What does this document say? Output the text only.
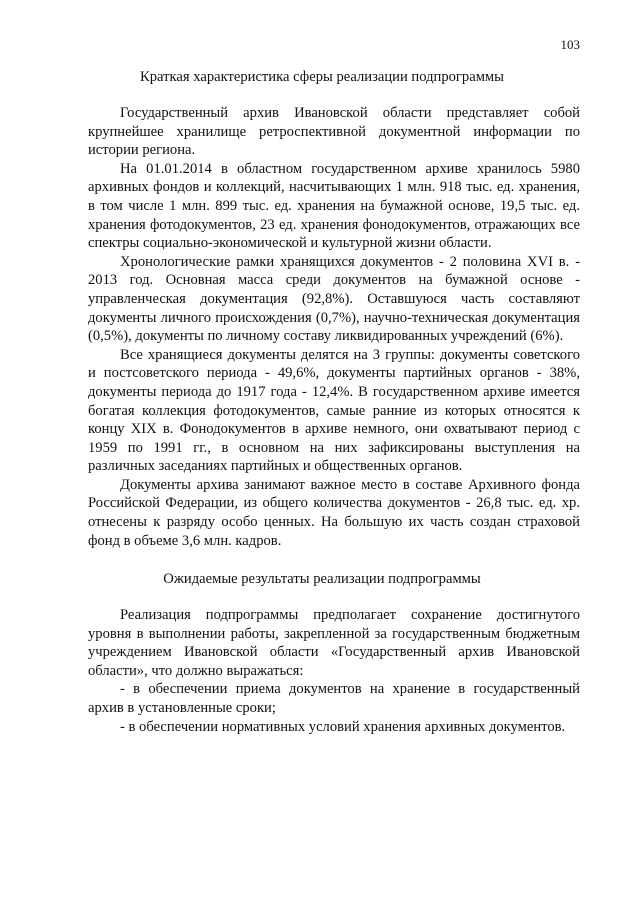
103
Краткая характеристика сферы реализации подпрограммы

Государственный архив Ивановской области представляет собой крупнейшее хранилище ретроспективной документной информации по истории региона.

На 01.01.2014 в областном государственном архиве хранилось 5980 архивных фондов и коллекций, насчитывающих 1 млн. 918 тыс. ед. хранения, в том числе 1 млн. 899 тыс. ед. хранения на бумажной основе, 19,5 тыс. ед. хранения фотодокументов, 23 ед. хранения фонодокументов, отражающих все спектры социально-экономической и культурной жизни области.

Хронологические рамки хранящихся документов - 2 половина XVI в. - 2013 год. Основная масса среди документов на бумажной основе - управленческая документация (92,8%). Оставшуюся часть составляют документы личного происхождения (0,7%), научно-техническая документация (0,5%), документы по личному составу ликвидированных учреждений (6%).

Все хранящиеся документы делятся на 3 группы: документы советского и постсоветского периода - 49,6%, документы партийных органов - 38%, документы периода до 1917 года - 12,4%. В государственном архиве имеется богатая коллекция фотодокументов, самые ранние из которых относятся к концу XIX в. Фонодокументов в архиве немного, они охватывают период с 1959 по 1991 гг., в основном на них зафиксированы выступления на различных заседаниях партийных и общественных органов.

Документы архива занимают важное место в составе Архивного фонда Российской Федерации, из общего количества документов - 26,8 тыс. ед. хр. отнесены к разряду особо ценных. На большую их часть создан страховой фонд в объеме 3,6 млн. кадров.

Ожидаемые результаты реализации подпрограммы

Реализация подпрограммы предполагает сохранение достигнутого уровня в выполнении работы, закрепленной за государственным бюджетным учреждением Ивановской области «Государственный архив Ивановской области», что должно выражаться:

- в обеспечении приема документов на хранение в государственный архив в установленные сроки;

- в обеспечении нормативных условий хранения архивных документов.
